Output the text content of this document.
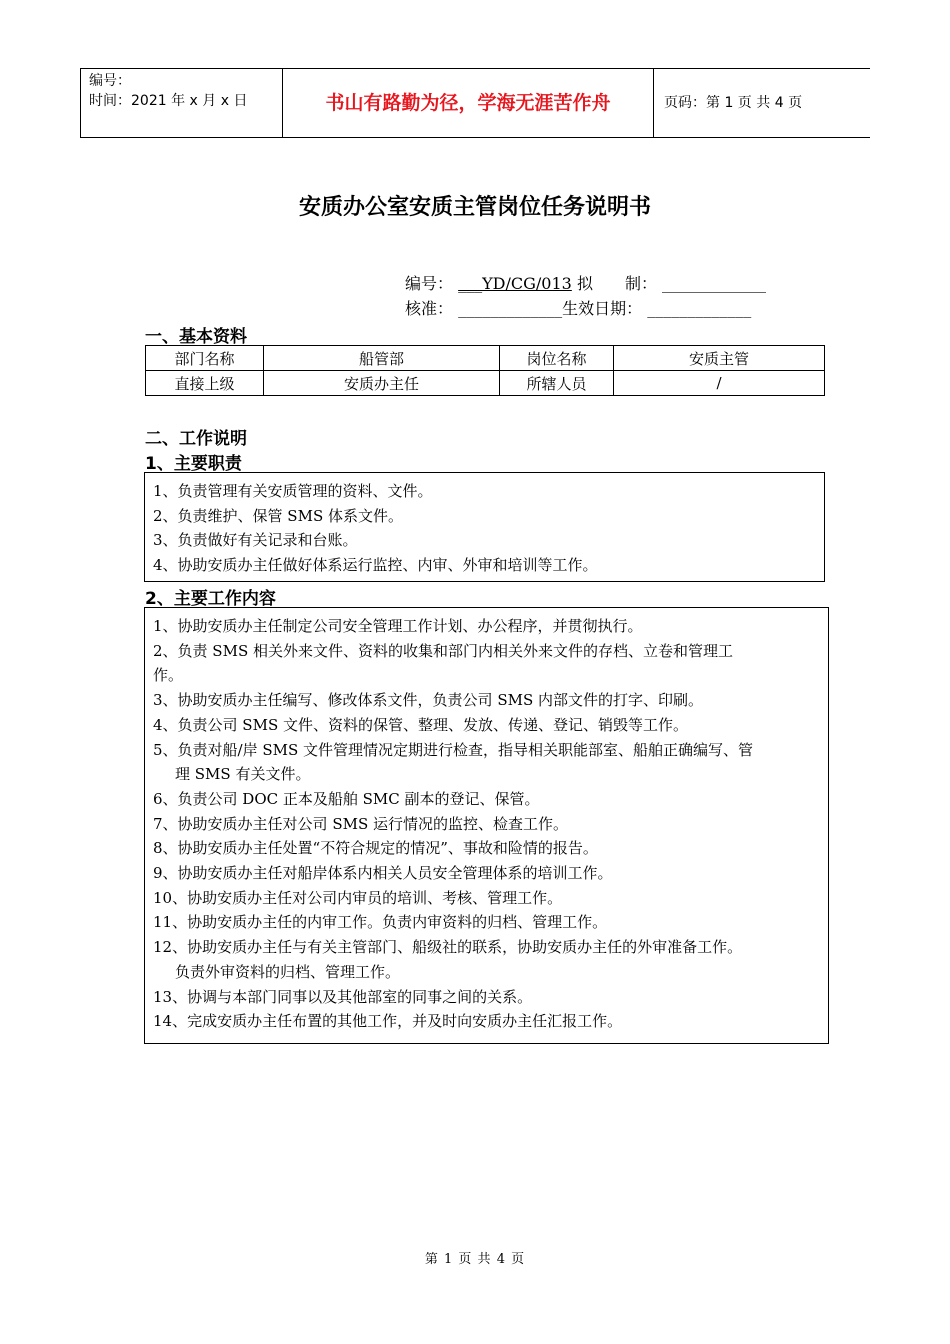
编号：
时间：2021 年 x 月 x 日	书山有路勤为径，学海无涯苦作舟	页码：第 1 页 共 4 页
安质办公室安质主管岗位任务说明书
编号： ___YD/CG/013 拟　　制： _____________
核准： _____________生效日期： _____________
一、基本资料
部门名称	船管部	岗位名称	安质主管
直接上级	安质办主任	所辖人员	/
二、工作说明
1、主要职责
1、负责管理有关安质管理的资料、文件。
2、负责维护、保管 SMS 体系文件。
3、负责做好有关记录和台账。
4、协助安质办主任做好体系运行监控、内审、外审和培训等工作。
2、主要工作内容
1、协助安质办主任制定公司安全管理工作计划、办公程序，并贯彻执行。
2、负责 SMS 相关外来文件、资料的收集和部门内相关外来文件的存档、立卷和管理工
作。
3、协助安质办主任编写、修改体系文件，负责公司 SMS 内部文件的打字、印刷。
4、负责公司 SMS 文件、资料的保管、整理、发放、传递、登记、销毁等工作。
5、负责对船/岸 SMS 文件管理情况定期进行检查，指导相关职能部室、船舶正确编写、管
理 SMS 有关文件。
6、负责公司 DOC 正本及船舶 SMC 副本的登记、保管。
7、协助安质办主任对公司 SMS 运行情况的监控、检查工作。
8、协助安质办主任处置“不符合规定的情况”、事故和险情的报告。
9、协助安质办主任对船岸体系内相关人员安全管理体系的培训工作。
10、协助安质办主任对公司内审员的培训、考核、管理工作。
11、协助安质办主任的内审工作。负责内审资料的归档、管理工作。
12、协助安质办主任与有关主管部门、船级社的联系，协助安质办主任的外审准备工作。
负责外审资料的归档、管理工作。
13、协调与本部门同事以及其他部室的同事之间的关系。
14、完成安质办主任布置的其他工作，并及时向安质办主任汇报工作。
第 1 页 共 4 页
